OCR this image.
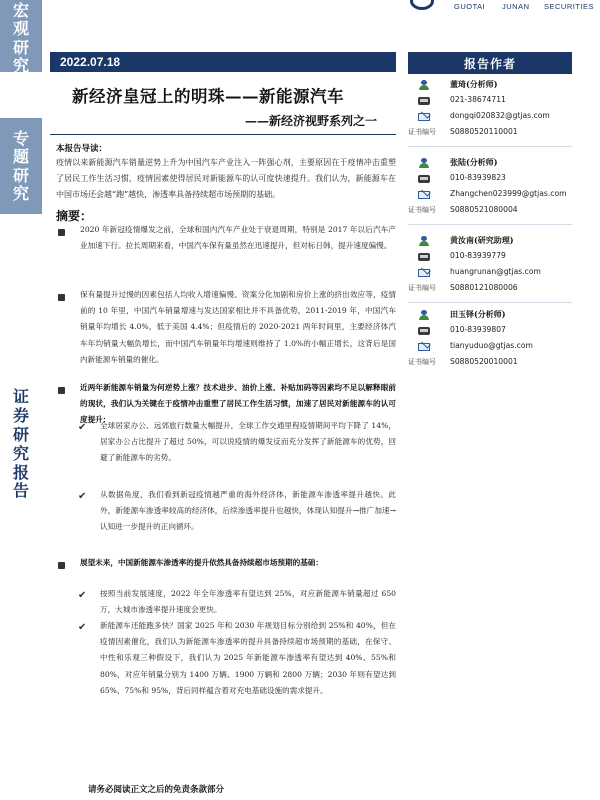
宏
观
研
究
专
题
研
究
证
券
研
究
报
告
GUOTAI JUNAN SECURITIES
2022.07.18
新经济皇冠上的明珠——新能源汽车
——新经济视野系列之一
本报告导读：
疫情以来新能源汽车销量逆势上升为中国汽车产业注入一阵强心剂，主要原因在于疫情冲击重塑了居民工作生活习惯，疫情因素使得居民对新能源车的认可度快速提升。我们认为，新能源车在中国市场还会越“跑”越快，渗透率具备持续超市场预期的基础。
摘要：
2020 年新冠疫情爆发之前，全球和国内汽车产业处于衰退周期，特别是 2017 年以后汽车产业加速下行。拉长周期来看，中国汽车保有量虽然在迅速提升，但对标日韩，提升速度偏慢。
保有量提升过慢的因素包括人均收入增速偏慢、资案分化加剧和房价上涨的挤出效应等，疫情前的 10 年里，中国汽车销量增速与发达国家相比并不具备优势，2011-2019 年，中国汽车销量年均增长 4.0%，低于美国 4.4%；但疫情后的 2020-2021 两年时间里，主要经济体汽车年均销量大幅负增长，而中国汽车销量年均增速则维持了 1.0%的小幅正增长，这背后是国内新能源车销量的催化。
近两年新能源车销量为何逆势上涨？技术进步、油价上涨、补贴加码等因素均不足以解释眼前的现状，我们认为关键在于疫情冲击重塑了居民工作生活习惯，加速了居民对新能源车的认可度提升：
✔ 全球居家办公、远郊旅行数量大幅提升，全球工作交通里程疫情期间平均下降了 14%，居家办公占比提升了超过 50%，可以说疫情的爆发反而充分发挥了新能源车的优势，回避了新能源车的劣势。
✔ 从数据角度，我们看到新冠疫情越严重的海外经济体，新能源车渗透率提升越快。此外，新能源车渗透率较高的经济体，后续渗透率提升也越快，体现认知提升→推广加速→认知进一步提升的正向循环。
展望未来，中国新能源车渗透率的提升依然具备持续超市场预期的基础：
✔ 按照当前发展速度，2022 年全年渗透率有望达到 25%，对应新能源车销量超过 650 万，大城市渗透率提升速度会更快。
✔ 新能源车还能跑多快？国家 2025 年和 2030 年规划目标分别给到 25%和 40%，但在疫情因素催化，我们认为新能源车渗透率的提升具备持续超市场预期的基础，在保守、中性和乐观三种假设下，我们认为 2025 年新能源车渗透率有望达到 40%、55%和 80%，对应年销量分别为 1400 万辆、1900 万辆和 2800 万辆；2030 年则有望达到 65%、75%和 95%，背后同样蕴含着对充电基础设施的需求提升。
请务必阅读正文之后的免责条款部分
报告作者
董琦(分析师)
021-38674711
dongqi020832@gtjas.com
证书编号	S0880520110001
张陆(分析师)
010-83939823
Zhangchen023999@gtjas.com
证书编号	S0880521080004
黄汝南(研究助理)
010-83939779
huangrunan@gtjas.com
证书编号	S0880121080006
田玉铎(分析师)
010-83939807
tianyuduo@gtjas.com
证书编号	S0880520010001
